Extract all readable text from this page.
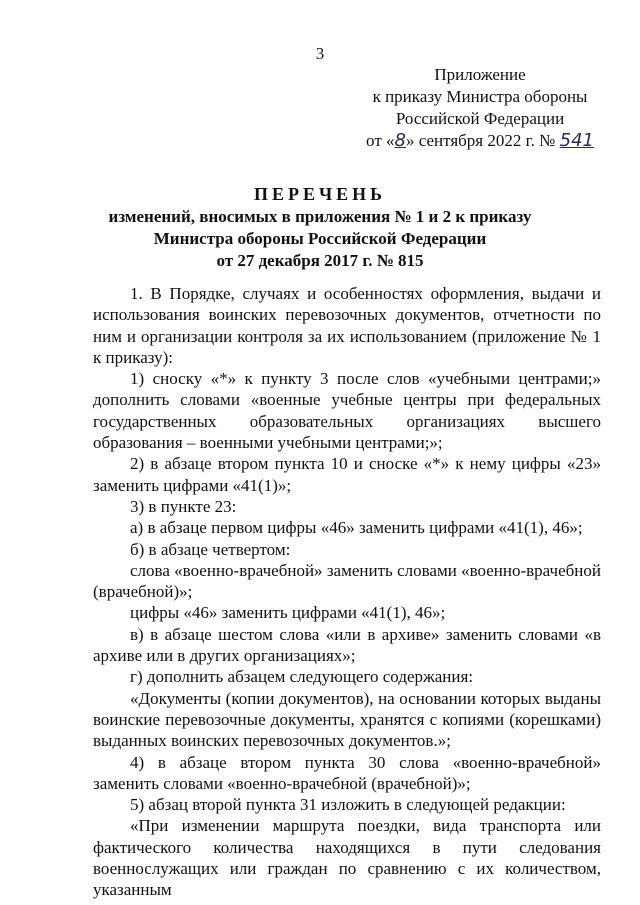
3
Приложение
к приказу Министра обороны
Российской Федерации
от «8» сентября 2022 г. № 541
ПЕРЕЧЕНЬ
изменений, вносимых в приложения № 1 и 2 к приказу
Министра обороны Российской Федерации
от 27 декабря 2017 г. № 815
1. В Порядке, случаях и особенностях оформления, выдачи и использования воинских перевозочных документов, отчетности по ним и организации контроля за их использованием (приложение № 1 к приказу):
1) сноску «*» к пункту 3 после слов «учебными центрами;» дополнить словами «военные учебные центры при федеральных государственных образовательных организациях высшего образования – военными учебными центрами;»;
2) в абзаце втором пункта 10 и сноске «*» к нему цифры «23» заменить цифрами «41(1)»;
3) в пункте 23:
а) в абзаце первом цифры «46» заменить цифрами «41(1), 46»;
б) в абзаце четвертом:
слова «военно-врачебной» заменить словами «военно-врачебной (врачебной)»;
цифры «46» заменить цифрами «41(1), 46»;
в) в абзаце шестом слова «или в архиве» заменить словами «в архиве или в других организациях»;
г) дополнить абзацем следующего содержания:
«Документы (копии документов), на основании которых выданы воинские перевозочные документы, хранятся с копиями (корешками) выданных воинских перевозочных документов.»;
4) в абзаце втором пункта 30 слова «военно-врачебной» заменить словами «военно-врачебной (врачебной)»;
5) абзац второй пункта 31 изложить в следующей редакции:
«При изменении маршрута поездки, вида транспорта или фактического количества находящихся в пути следования военнослужащих или граждан по сравнению с их количеством, указанным
